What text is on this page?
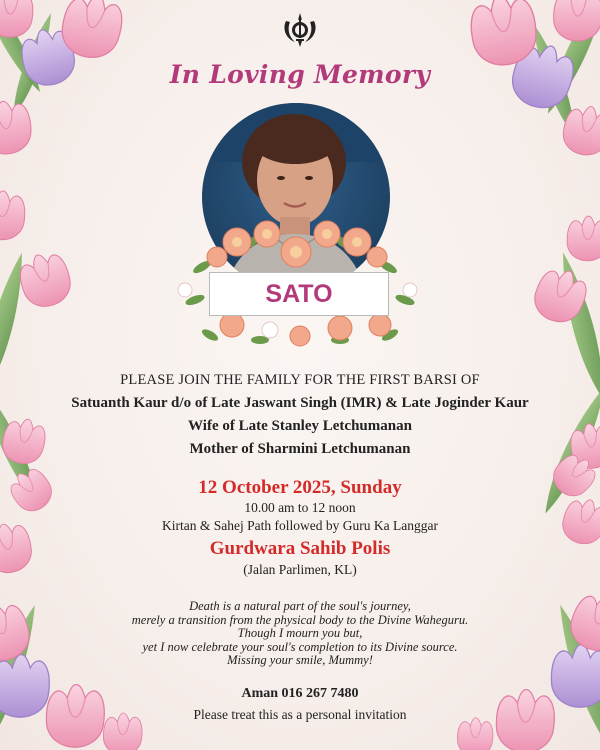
In Loving Memory
SATO
PLEASE JOIN THE FAMILY FOR THE FIRST BARSI OF
Satuanth Kaur d/o of Late Jaswant Singh (IMR) & Late Joginder Kaur
Wife of Late Stanley Letchumanan
Mother of Sharmini Letchumanan
12 October 2025, Sunday
10.00 am to 12 noon
Kirtan & Sahej Path followed by Guru Ka Langgar
Gurdwara Sahib Polis
(Jalan Parlimen, KL)
Death is a natural part of the soul's journey,
merely a transition from the physical body to the Divine Waheguru.
Though I mourn you but,
yet I now celebrate your soul's completion to its Divine source.
Missing your smile, Mummy!
Aman 016 267 7480
Please treat this as a personal invitation
